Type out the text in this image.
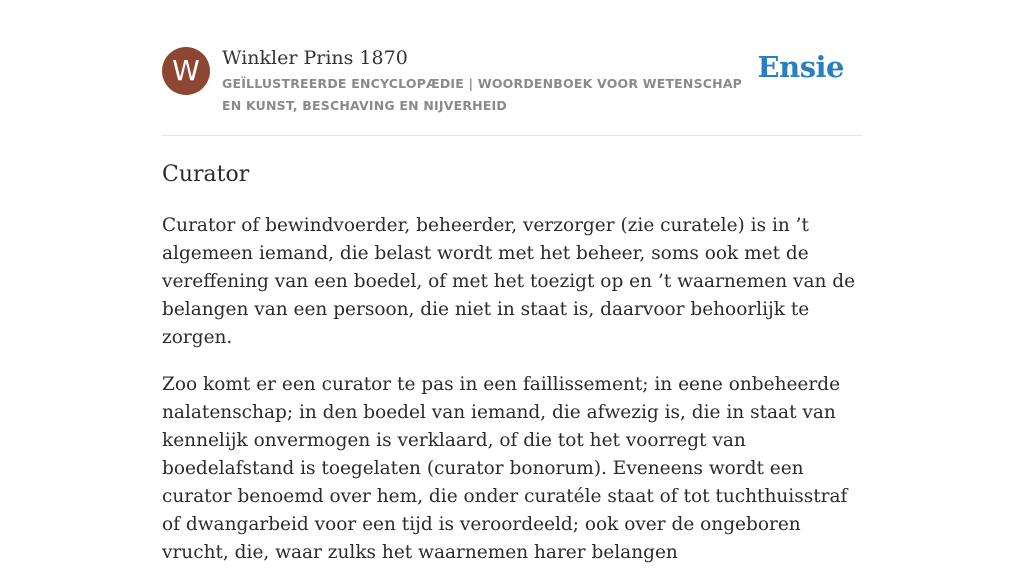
W	Winkler Prins 1870
GEÏLLUSTREERDE ENCYCLOPÆDIE | WOORDENBOEK VOOR WETENSCHAP EN KUNST, BESCHAVING EN NIJVERHEID
Ensie
Curator

Curator of bewindvoerder, beheerder, verzorger (zie curatele) is in ’t algemeen iemand, die belast wordt met het beheer, soms ook met de vereffening van een boedel, of met het toezigt op en ’t waarnemen van de belangen van een persoon, die niet in staat is, daarvoor behoorlijk te zorgen.

Zoo komt er een curator te pas in een faillissement; in eene onbeheerde nalatenschap; in den boedel van iemand, die afwezig is, die in staat van kennelijk onvermogen is verklaard, of die tot het voorregt van boedelafstand is toegelaten (curator bonorum). Eveneens wordt een curator benoemd over hem, die onder curatéle staat of tot tuchthuisstraf of dwangarbeid voor een tijd is veroordeeld; ook over de ongeboren vrucht, die, waar zulks het waarnemen harer belangen
